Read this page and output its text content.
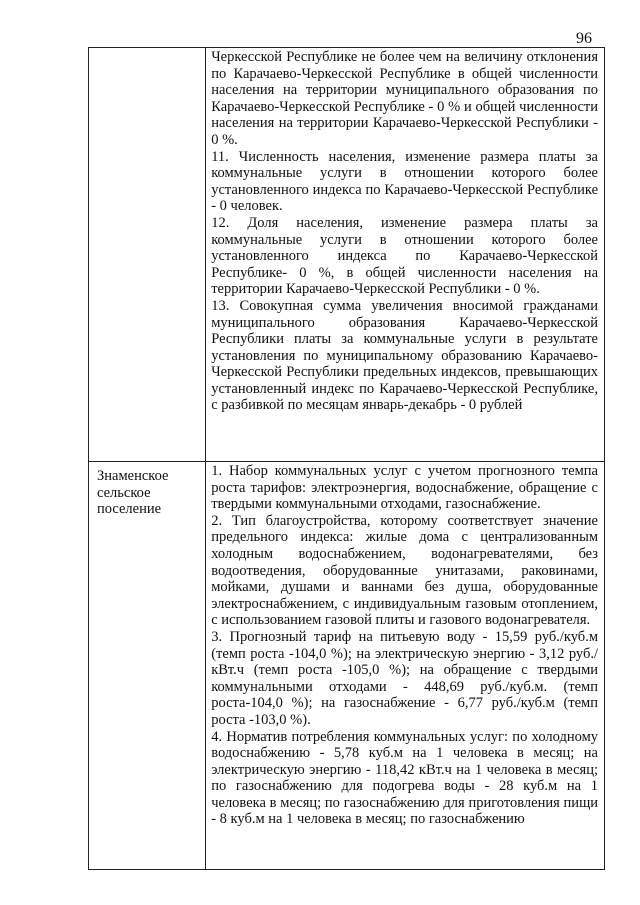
96

	Черкесской Республике не более чем на величину отклонения по Карачаево-Черкесской Республике в общей численности населения на территории муниципального образования по Карачаево-Черкесской Республике - 0 % и общей численности населения на территории Карачаево-Черкесской Республики - 0 %.

11. Численность населения, изменение размера платы за коммунальные услуги в отношении которого более установленного индекса по Карачаево-Черкесской Республике - 0 человек.

12. Доля населения, изменение размера платы за коммунальные услуги в отношении которого более установленного индекса по Карачаево-Черкесской Республике- 0 %, в общей численности населения на территории Карачаево-Черкесской Республики - 0 %.

13. Совокупная сумма увеличения вносимой гражданами муниципального образования Карачаево-Черкесской Республики платы за коммунальные услуги в результате установления по муниципальному образованию Карачаево-Черкесской Республики предельных индексов, превышающих установленный индекс по Карачаево-Черкесской Республике, с разбивкой по месяцам январь-декабрь - 0 рублей

Знаменское сельское поселение	1. Набор коммунальных услуг с учетом прогнозного темпа роста тарифов: электроэнергия, водоснабжение, обращение с твердыми коммунальными отходами, газоснабжение.

2. Тип благоустройства, которому соответствует значение предельного индекса: жилые дома с централизованным холодным водоснабжением, водонагревателями, без водоотведения, оборудованные унитазами, раковинами, мойками, душами и ваннами без душа, оборудованные электроснабжением, с индивидуальным газовым отоплением, с использованием газовой плиты и газового водонагревателя.

3. Прогнозный тариф на питьевую воду - 15,59 руб./куб.м (темп роста -104,0 %); на электрическую энергию - 3,12 руб./кВт.ч (темп роста -105,0 %); на обращение с твердыми коммунальными отходами - 448,69 руб./куб.м. (темп роста-104,0 %); на газоснабжение - 6,77 руб./куб.м (темп роста -103,0 %).

4. Норматив потребления коммунальных услуг: по холодному водоснабжению - 5,78 куб.м на 1 человека в месяц; на электрическую энергию - 118,42 кВт.ч на 1 человека в месяц; по газоснабжению для подогрева воды - 28 куб.м на 1 человека в месяц; по газоснабжению для приготовления пищи - 8 куб.м на 1 человека в месяц; по газоснабжению
